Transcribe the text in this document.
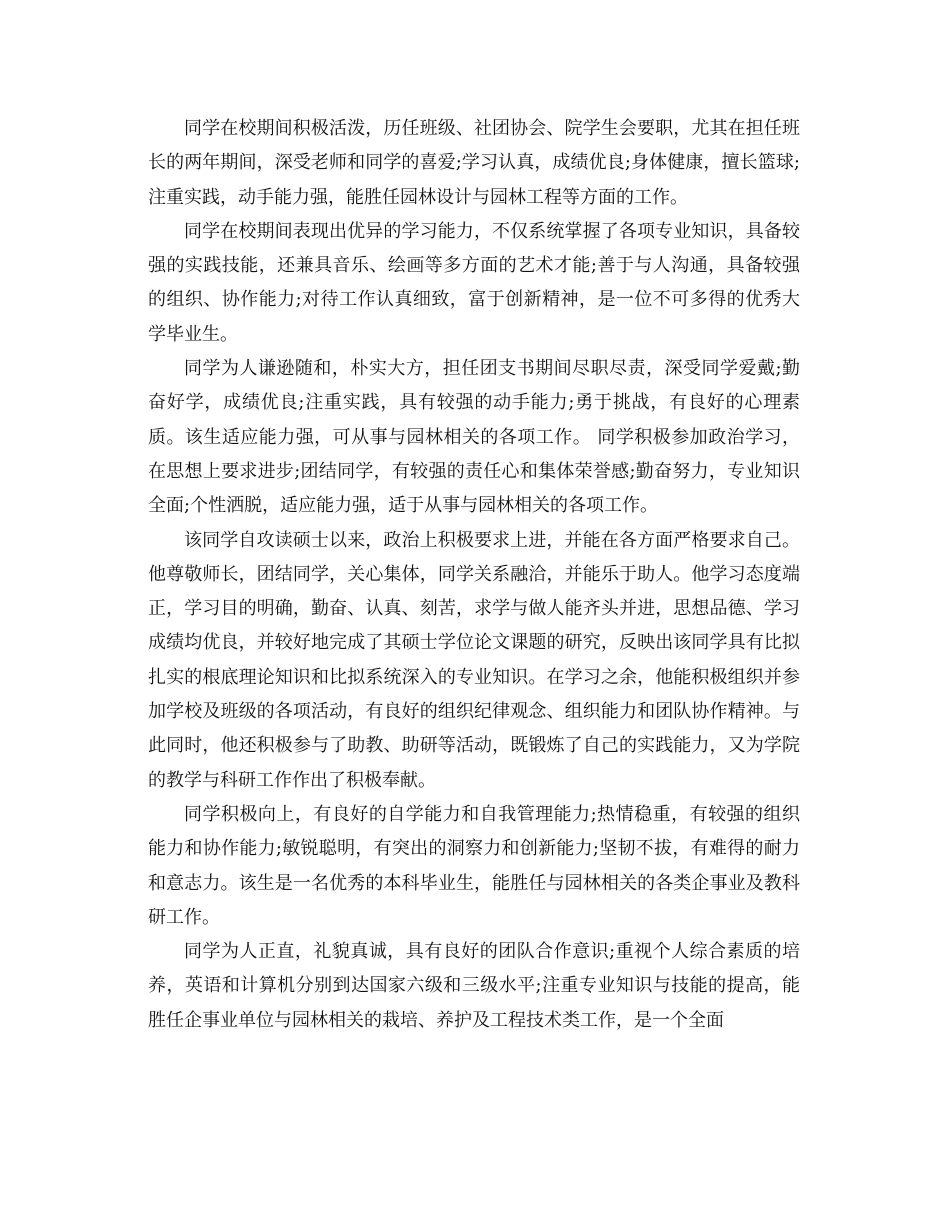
同学在校期间积极活泼，历任班级、社团协会、院学生会要职，尤其在担任班长的两年期间，深受老师和同学的喜爱;学习认真，成绩优良;身体健康，擅长篮球;注重实践，动手能力强，能胜任园林设计与园林工程等方面的工作。

同学在校期间表现出优异的学习能力，不仅系统掌握了各项专业知识，具备较强的实践技能，还兼具音乐、绘画等多方面的艺术才能;善于与人沟通，具备较强的组织、协作能力;对待工作认真细致，富于创新精神，是一位不可多得的优秀大学毕业生。

同学为人谦逊随和，朴实大方，担任团支书期间尽职尽责，深受同学爱戴;勤奋好学，成绩优良;注重实践，具有较强的动手能力;勇于挑战，有良好的心理素质。该生适应能力强，可从事与园林相关的各项工作。 同学积极参加政治学习，在思想上要求进步;团结同学，有较强的责任心和集体荣誉感;勤奋努力，专业知识全面;个性洒脱，适应能力强，适于从事与园林相关的各项工作。

该同学自攻读硕士以来，政治上积极要求上进，并能在各方面严格要求自己。他尊敬师长，团结同学，关心集体，同学关系融洽，并能乐于助人。他学习态度端正，学习目的明确，勤奋、认真、刻苦，求学与做人能齐头并进，思想品德、学习成绩均优良，并较好地完成了其硕士学位论文课题的研究，反映出该同学具有比拟扎实的根底理论知识和比拟系统深入的专业知识。在学习之余，他能积极组织并参加学校及班级的各项活动，有良好的组织纪律观念、组织能力和团队协作精神。与此同时，他还积极参与了助教、助研等活动，既锻炼了自己的实践能力，又为学院的教学与科研工作作出了积极奉献。

同学积极向上，有良好的自学能力和自我管理能力;热情稳重，有较强的组织能力和协作能力;敏锐聪明，有突出的洞察力和创新能力;坚韧不拔，有难得的耐力和意志力。该生是一名优秀的本科毕业生，能胜任与园林相关的各类企事业及教科研工作。

同学为人正直，礼貌真诚，具有良好的团队合作意识;重视个人综合素质的培养，英语和计算机分别到达国家六级和三级水平;注重专业知识与技能的提高，能胜任企事业单位与园林相关的栽培、养护及工程技术类工作，是一个全面
